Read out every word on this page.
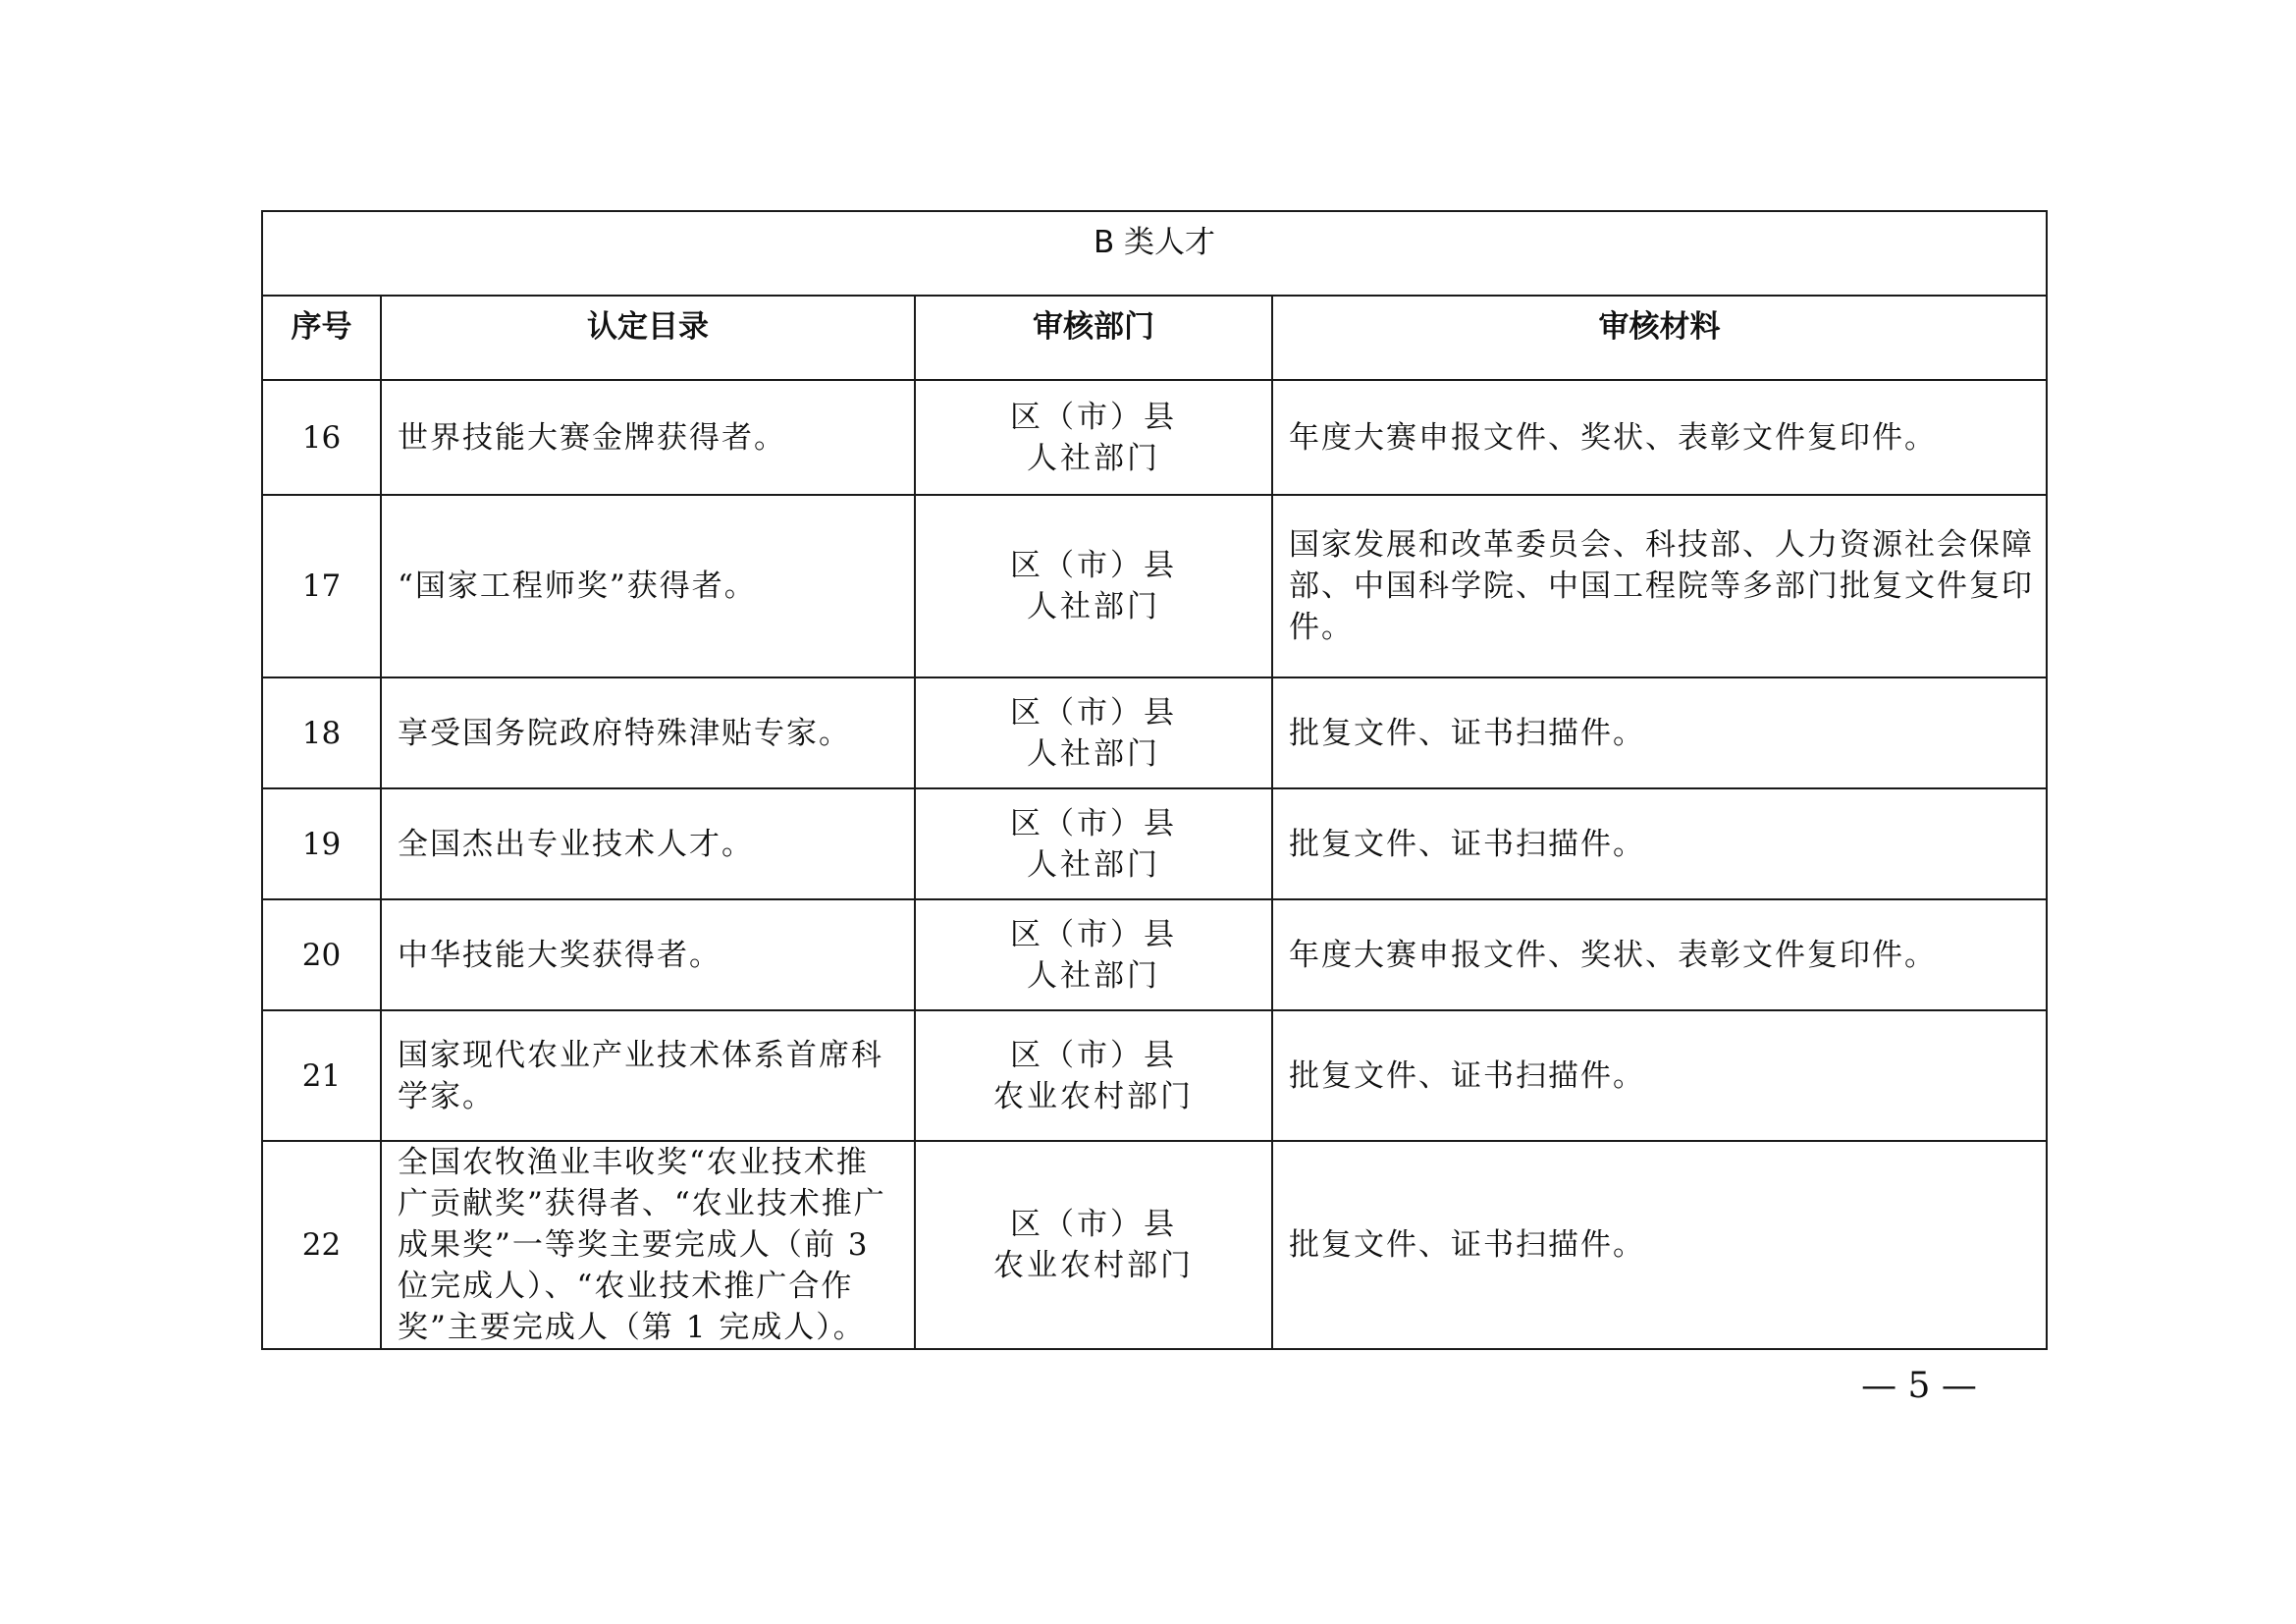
B 类人才			
序号	认定目录	审核部门	审核材料
16	世界技能大赛金牌获得者。	区（市）县
人社部门	年度大赛申报文件、奖状、表彰文件复印件。
17	“国家工程师奖”获得者。	区（市）县
人社部门	国家发展和改革委员会、科技部、人力资源社会保障部、中国科学院、中国工程院等多部门批复文件复印件。
18	享受国务院政府特殊津贴专家。	区（市）县
人社部门	批复文件、证书扫描件。
19	全国杰出专业技术人才。	区（市）县
人社部门	批复文件、证书扫描件。
20	中华技能大奖获得者。	区（市）县
人社部门	年度大赛申报文件、奖状、表彰文件复印件。
21	国家现代农业产业技术体系首席科学家。	区（市）县
农业农村部门	批复文件、证书扫描件。
22	全国农牧渔业丰收奖“农业技术推广贡献奖”获得者、“农业技术推广成果奖”一等奖主要完成人（前 3 位完成人）、“农业技术推广合作奖”主要完成人（第 1 完成人）。	区（市）县
农业农村部门	批复文件、证书扫描件。
— 5 —
